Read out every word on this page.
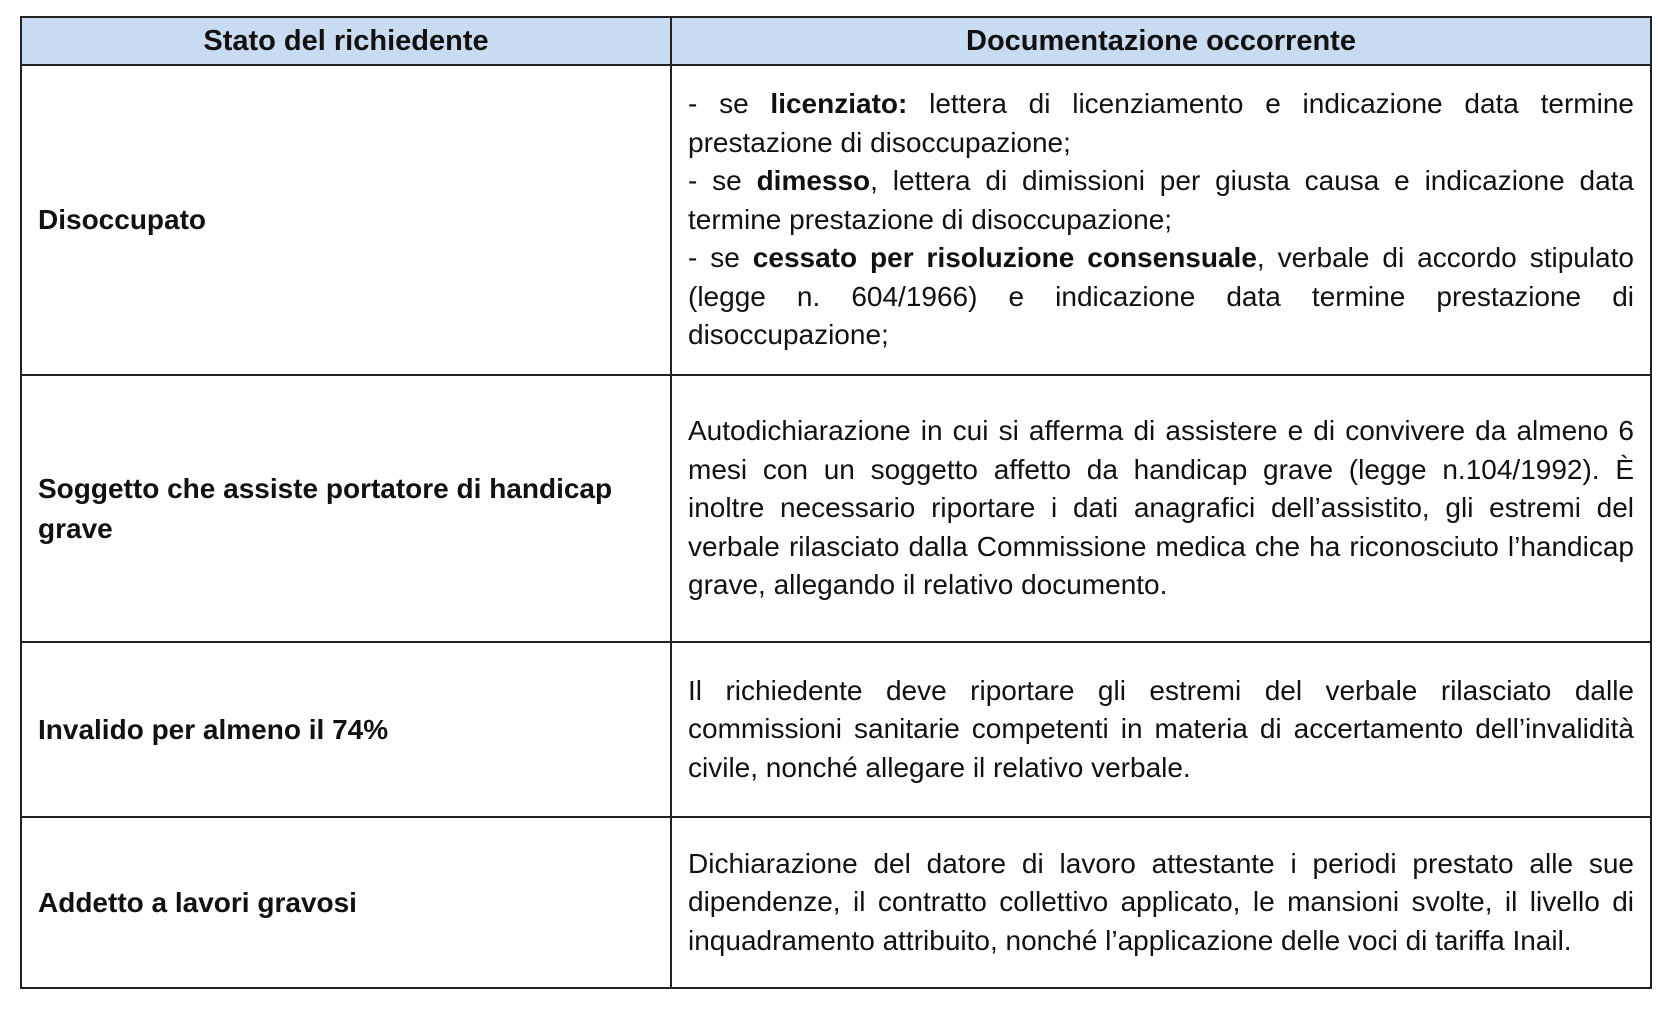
Stato del richiedente	Documentazione occorrente
Disoccupato	- se licenziato: lettera di licenziamento e indicazione data termine prestazione di disoccupazione;
- se dimesso, lettera di dimissioni per giusta causa e indicazione data termine prestazione di disoccupazione;
- se cessato per risoluzione consensuale, verbale di accordo stipulato (legge n. 604/1966) e indicazione data termine prestazione di disoccupazione;

Soggetto che assiste portatore di handicap grave	Autodichiarazione in cui si afferma di assistere e di convivere da almeno 6 mesi con un soggetto affetto da handicap grave (legge n.104/1992). È inoltre necessario riportare i dati anagrafici dell’assistito, gli estremi del verbale rilasciato dalla Commissione medica che ha riconosciuto l’handicap grave, allegando il relativo documento.
Invalido per almeno il 74%	Il richiedente deve riportare gli estremi del verbale rilasciato dalle commissioni sanitarie competenti in materia di accertamento dell’invalidità civile, nonché allegare il relativo verbale.
Addetto a lavori gravosi	Dichiarazione del datore di lavoro attestante i periodi prestato alle sue dipendenze, il contratto collettivo applicato, le mansioni svolte, il livello di inquadramento attribuito, nonché l’applicazione delle voci di tariffa Inail.
